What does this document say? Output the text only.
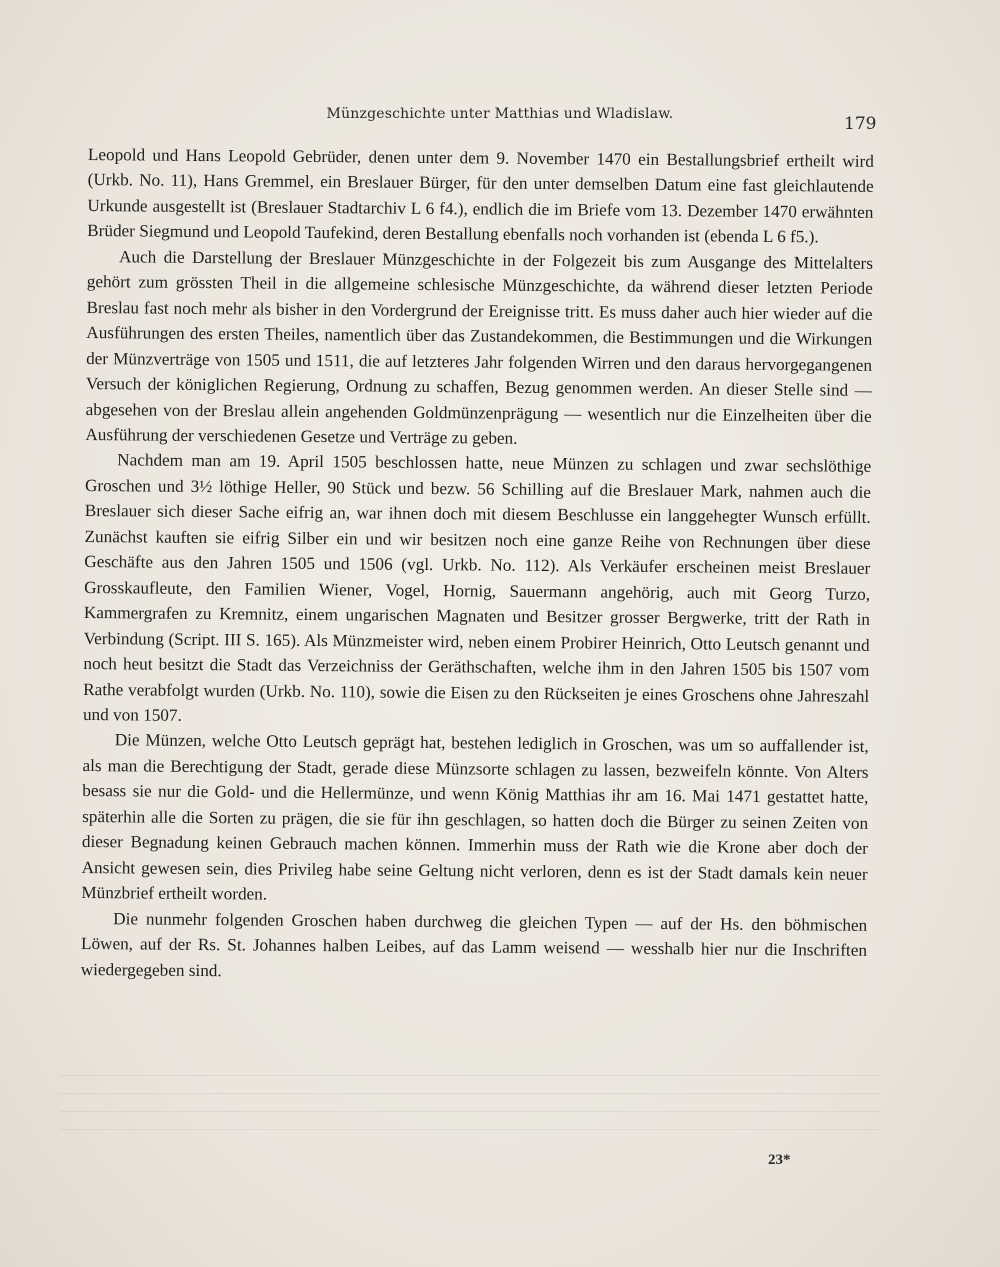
Münzgeschichte unter Matthias und Wladislaw.	179

Leopold und Hans Leopold Gebrüder, denen unter dem 9. November 1470 ein Bestallungsbrief ertheilt wird (Urkb. No. 11), Hans Gremmel, ein Breslauer Bürger, für den unter demselben Datum eine fast gleichlautende Urkunde ausgestellt ist (Breslauer Stadtarchiv L 6 f4.), endlich die im Briefe vom 13. Dezember 1470 erwähnten Brüder Siegmund und Leopold Taufekind, deren Bestallung ebenfalls noch vorhanden ist (ebenda L 6 f5.).

Auch die Darstellung der Breslauer Münzgeschichte in der Folgezeit bis zum Ausgange des Mittelalters gehört zum grössten Theil in die allgemeine schlesische Münzgeschichte, da während dieser letzten Periode Breslau fast noch mehr als bisher in den Vordergrund der Ereignisse tritt. Es muss daher auch hier wieder auf die Ausführungen des ersten Theiles, namentlich über das Zustandekommen, die Bestimmungen und die Wirkungen der Münzverträge von 1505 und 1511, die auf letzteres Jahr folgenden Wirren und den daraus hervorgegangenen Versuch der königlichen Regierung, Ordnung zu schaffen, Bezug genommen werden. An dieser Stelle sind — abgesehen von der Breslau allein angehenden Goldmünzenprägung — wesentlich nur die Einzelheiten über die Ausführung der verschiedenen Gesetze und Verträge zu geben.

Nachdem man am 19. April 1505 beschlossen hatte, neue Münzen zu schlagen und zwar sechslöthige Groschen und 3½ löthige Heller, 90 Stück und bezw. 56 Schilling auf die Breslauer Mark, nahmen auch die Breslauer sich dieser Sache eifrig an, war ihnen doch mit diesem Beschlusse ein langgehegter Wunsch erfüllt. Zunächst kauften sie eifrig Silber ein und wir besitzen noch eine ganze Reihe von Rechnungen über diese Geschäfte aus den Jahren 1505 und 1506 (vgl. Urkb. No. 112). Als Verkäufer erscheinen meist Breslauer Grosskaufleute, den Familien Wiener, Vogel, Hornig, Sauermann angehörig, auch mit Georg Turzo, Kammergrafen zu Kremnitz, einem ungarischen Magnaten und Besitzer grosser Bergwerke, tritt der Rath in Verbindung (Script. III S. 165). Als Münzmeister wird, neben einem Probirer Heinrich, Otto Leutsch genannt und noch heut besitzt die Stadt das Verzeichniss der Geräthschaften, welche ihm in den Jahren 1505 bis 1507 vom Rathe verabfolgt wurden (Urkb. No. 110), sowie die Eisen zu den Rückseiten je eines Groschens ohne Jahreszahl und von 1507.

Die Münzen, welche Otto Leutsch geprägt hat, bestehen lediglich in Groschen, was um so auffallender ist, als man die Berechtigung der Stadt, gerade diese Münzsorte schlagen zu lassen, bezweifeln könnte. Von Alters besass sie nur die Gold- und die Hellermünze, und wenn König Matthias ihr am 16. Mai 1471 gestattet hatte, späterhin alle die Sorten zu prägen, die sie für ihn geschlagen, so hatten doch die Bürger zu seinen Zeiten von dieser Begnadung keinen Gebrauch machen können. Immerhin muss der Rath wie die Krone aber doch der Ansicht gewesen sein, dies Privileg habe seine Geltung nicht verloren, denn es ist der Stadt damals kein neuer Münzbrief ertheilt worden.

Die nunmehr folgenden Groschen haben durchweg die gleichen Typen — auf der Hs. den böhmischen Löwen, auf der Rs. St. Johannes halben Leibes, auf das Lamm weisend — wesshalb hier nur die Inschriften wiedergegeben sind.

23*
